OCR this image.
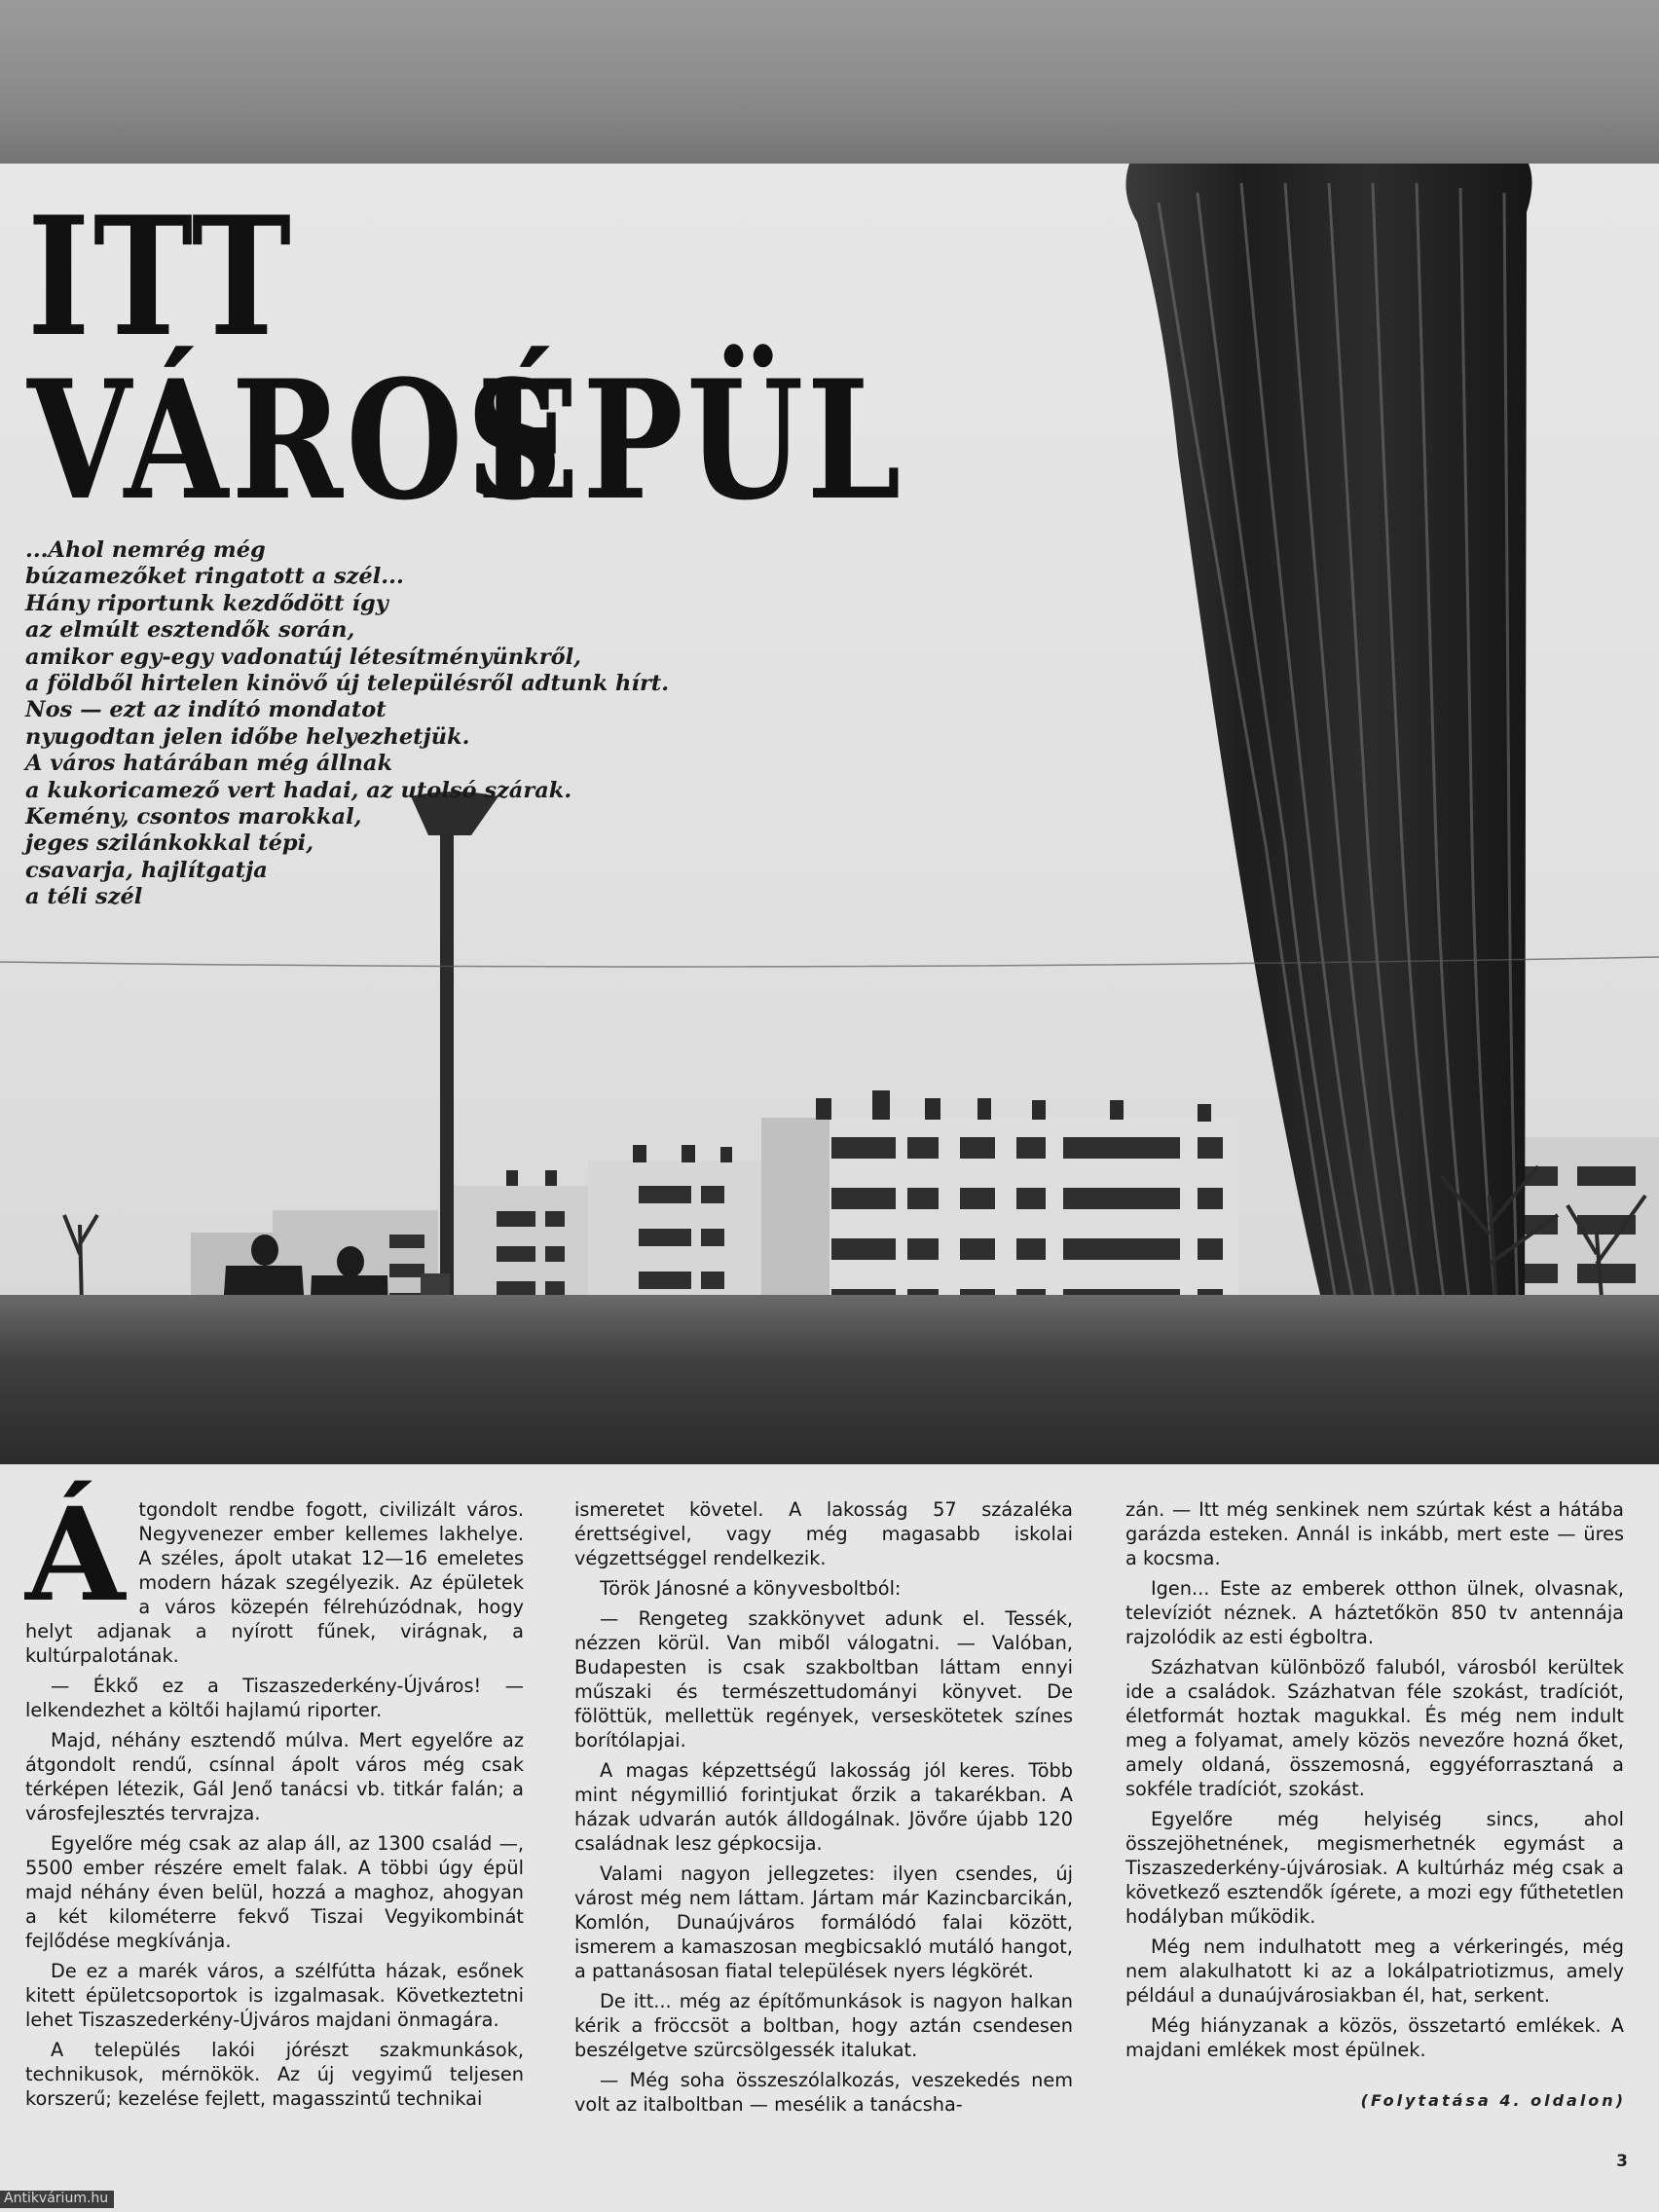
ITT VÁROS
ÉPÜL
...Ahol nemrég még
búzamezőket ringatott a szél...
Hány riportunk kezdődött így
az elmúlt esztendők során,
amikor egy-egy vadonatúj létesítményünkről,
a földből hirtelen kinövő új településről adtunk hírt.
Nos — ezt az indító mondatot
nyugodtan jelen időbe helyezhetjük.
A város határában még állnak
a kukoricamező vert hadai, az utolsó szárak.
Kemény, csontos marokkal,
jeges szilánkokkal tépi,
csavarja, hajlítgatja
a téli szél

Átgondolt rendbe fogott, civilizált város. Negyvenezer ember kellemes lakhelye. A széles, ápolt utakat 12—16 emeletes modern házak szegélyezik. Az épületek a város közepén félrehúzódnak, hogy helyt adjanak a nyírott fűnek, virágnak, a kultúrpalotának.

— Ékkő ez a Tiszaszederkény-Újváros! — lelkendezhet a költői hajlamú riporter.

Majd, néhány esztendő múlva. Mert egyelőre az átgondolt rendű, csínnal ápolt város még csak térképen létezik, Gál Jenő tanácsi vb. titkár falán; a városfejlesztés tervrajza.

Egyelőre még csak az alap áll, az 1300 család —, 5500 ember részére emelt falak. A többi úgy épül majd néhány éven belül, hozzá a maghoz, ahogyan a két kilométerre fekvő Tiszai Vegyikombinát fejlődése megkívánja.

De ez a marék város, a szélfútta házak, esőnek kitett épületcsoportok is izgalmasak. Következtetni lehet Tiszaszederkény-Újváros majdani önmagára.

A település lakói jórészt szakmunkások, technikusok, mérnökök. Az új vegyimű teljesen korszerű; kezelése fejlett, magasszintű technikai

ismeretet követel. A lakosság 57 százaléka érettségivel, vagy még magasabb iskolai végzettséggel rendelkezik.

Török Jánosné a könyvesboltból:

— Rengeteg szakkönyvet adunk el. Tessék, nézzen körül. Van miből válogatni. — Valóban, Budapesten is csak szakboltban láttam ennyi műszaki és természettudományi könyvet. De fölöttük, mellettük regények, verseskötetek színes borítólapjai.

A magas képzettségű lakosság jól keres. Több mint négymillió forintjukat őrzik a takarékban. A házak udvarán autók álldogálnak. Jövőre újabb 120 családnak lesz gépkocsija.

Valami nagyon jellegzetes: ilyen csendes, új várost még nem láttam. Jártam már Kazincbarcikán, Komlón, Dunaújváros formálódó falai között, ismerem a kamaszosan megbicsakló mutáló hangot, a pattanásosan fiatal települések nyers légkörét.

De itt... még az építőmunkások is nagyon halkan kérik a fröccsöt a boltban, hogy aztán csendesen beszélgetve szürcsölgessék italukat.

— Még soha összeszólalkozás, veszekedés nem volt az italboltban — mesélik a tanácsha-

zán. — Itt még senkinek nem szúrtak kést a hátába garázda esteken. Annál is inkább, mert este — üres a kocsma.

Igen... Este az emberek otthon ülnek, olvasnak, televíziót néznek. A háztetőkön 850 tv antennája rajzolódik az esti égboltra.

Százhatvan különböző faluból, városból kerültek ide a családok. Százhatvan féle szokást, tradíciót, életformát hoztak magukkal. És még nem indult meg a folyamat, amely közös nevezőre hozná őket, amely oldaná, összemosná, eggyéforrasztaná a sokféle tradíciót, szokást.

Egyelőre még helyiség sincs, ahol összejöhetnének, megismerhetnék egymást a Tiszaszederkény-újvárosiak. A kultúrház még csak a következő esztendők ígérete, a mozi egy fűthetetlen hodályban működik.

Még nem indulhatott meg a vérkeringés, még nem alakulhatott ki az a lokálpatriotizmus, amely például a dunaújvárosiakban él, hat, serkent.

Még hiányzanak a közös, összetartó emlékek. A majdani emlékek most épülnek.

(Folytatása 4. oldalon)
3
Antikvárium.hu
